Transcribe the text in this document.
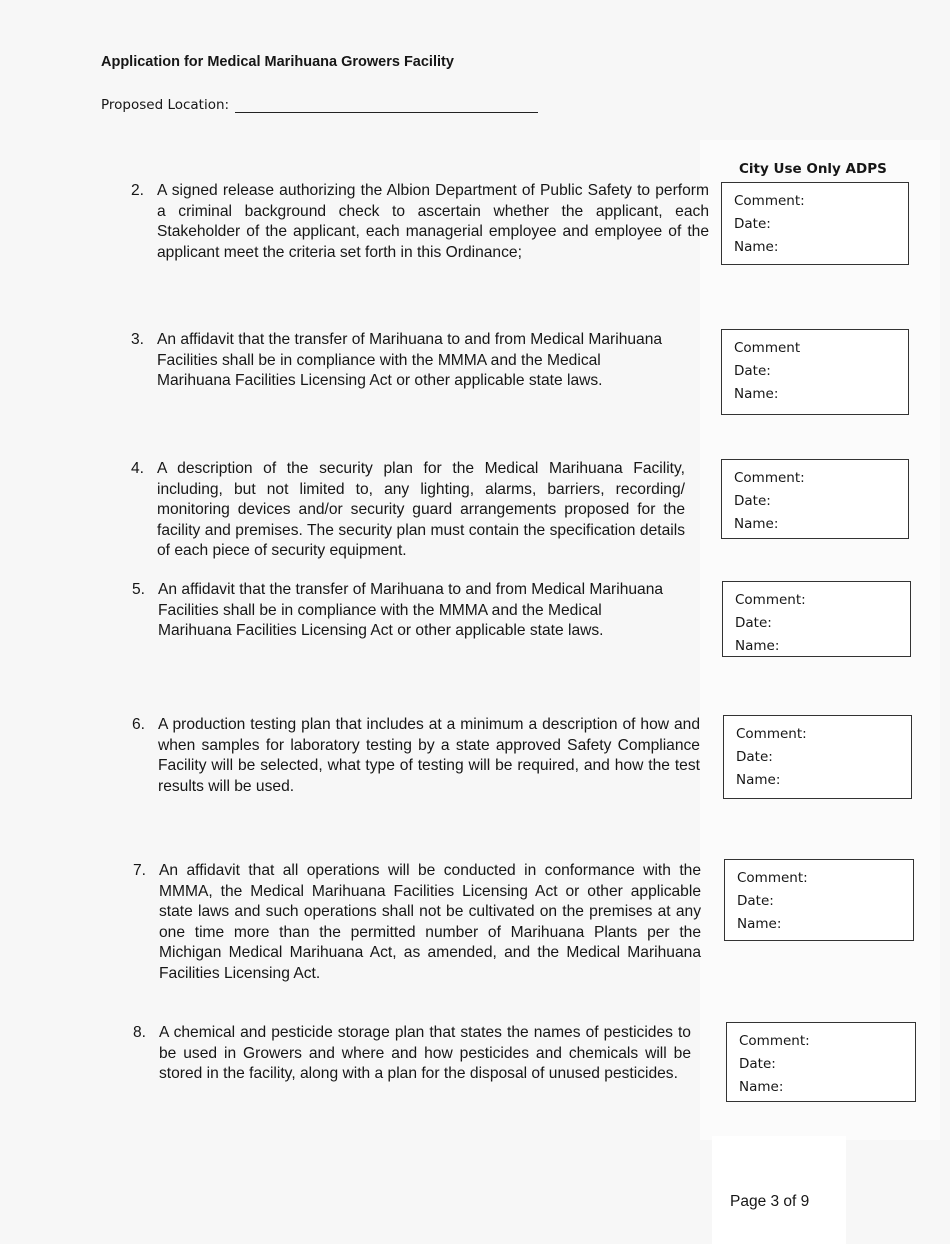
Application for Medical Marihuana Growers Facility
Proposed Location:
City Use Only ADPS
2. A signed release authorizing the Albion Department of Public Safety to perform a criminal background check to ascertain whether the applicant, each Stakeholder of the applicant, each managerial employee and employee of the applicant meet the criteria set forth in this Ordinance;
Comment:
Date:
Name:
3. An affidavit that the transfer of Marihuana to and from Medical Marihuana Facilities shall be in compliance with the MMMA and the Medical Marihuana Facilities Licensing Act or other applicable state laws.
Comment
Date:
Name:
4. A description of the security plan for the Medical Marihuana Facility, including, but not limited to, any lighting, alarms, barriers, recording/ monitoring devices and/or security guard arrangements proposed for the facility and premises. The security plan must contain the specification details of each piece of security equipment.
Comment:
Date:
Name:
5. An affidavit that the transfer of Marihuana to and from Medical Marihuana Facilities shall be in compliance with the MMMA and the Medical Marihuana Facilities Licensing Act or other applicable state laws.
Comment:
Date:
Name:
6. A production testing plan that includes at a minimum a description of how and when samples for laboratory testing by a state approved Safety Compliance Facility will be selected, what type of testing will be required, and how the test results will be used.
Comment:
Date:
Name:
7. An affidavit that all operations will be conducted in conformance with the MMMA, the Medical Marihuana Facilities Licensing Act or other applicable state laws and such operations shall not be cultivated on the premises at any one time more than the permitted number of Marihuana Plants per the Michigan Medical Marihuana Act, as amended, and the Medical Marihuana Facilities Licensing Act.
Comment:
Date:
Name:
8. A chemical and pesticide storage plan that states the names of pesticides to be used in Growers and where and how pesticides and chemicals will be stored in the facility, along with a plan for the disposal of unused pesticides.
Comment:
Date:
Name:
Page 3 of 9
